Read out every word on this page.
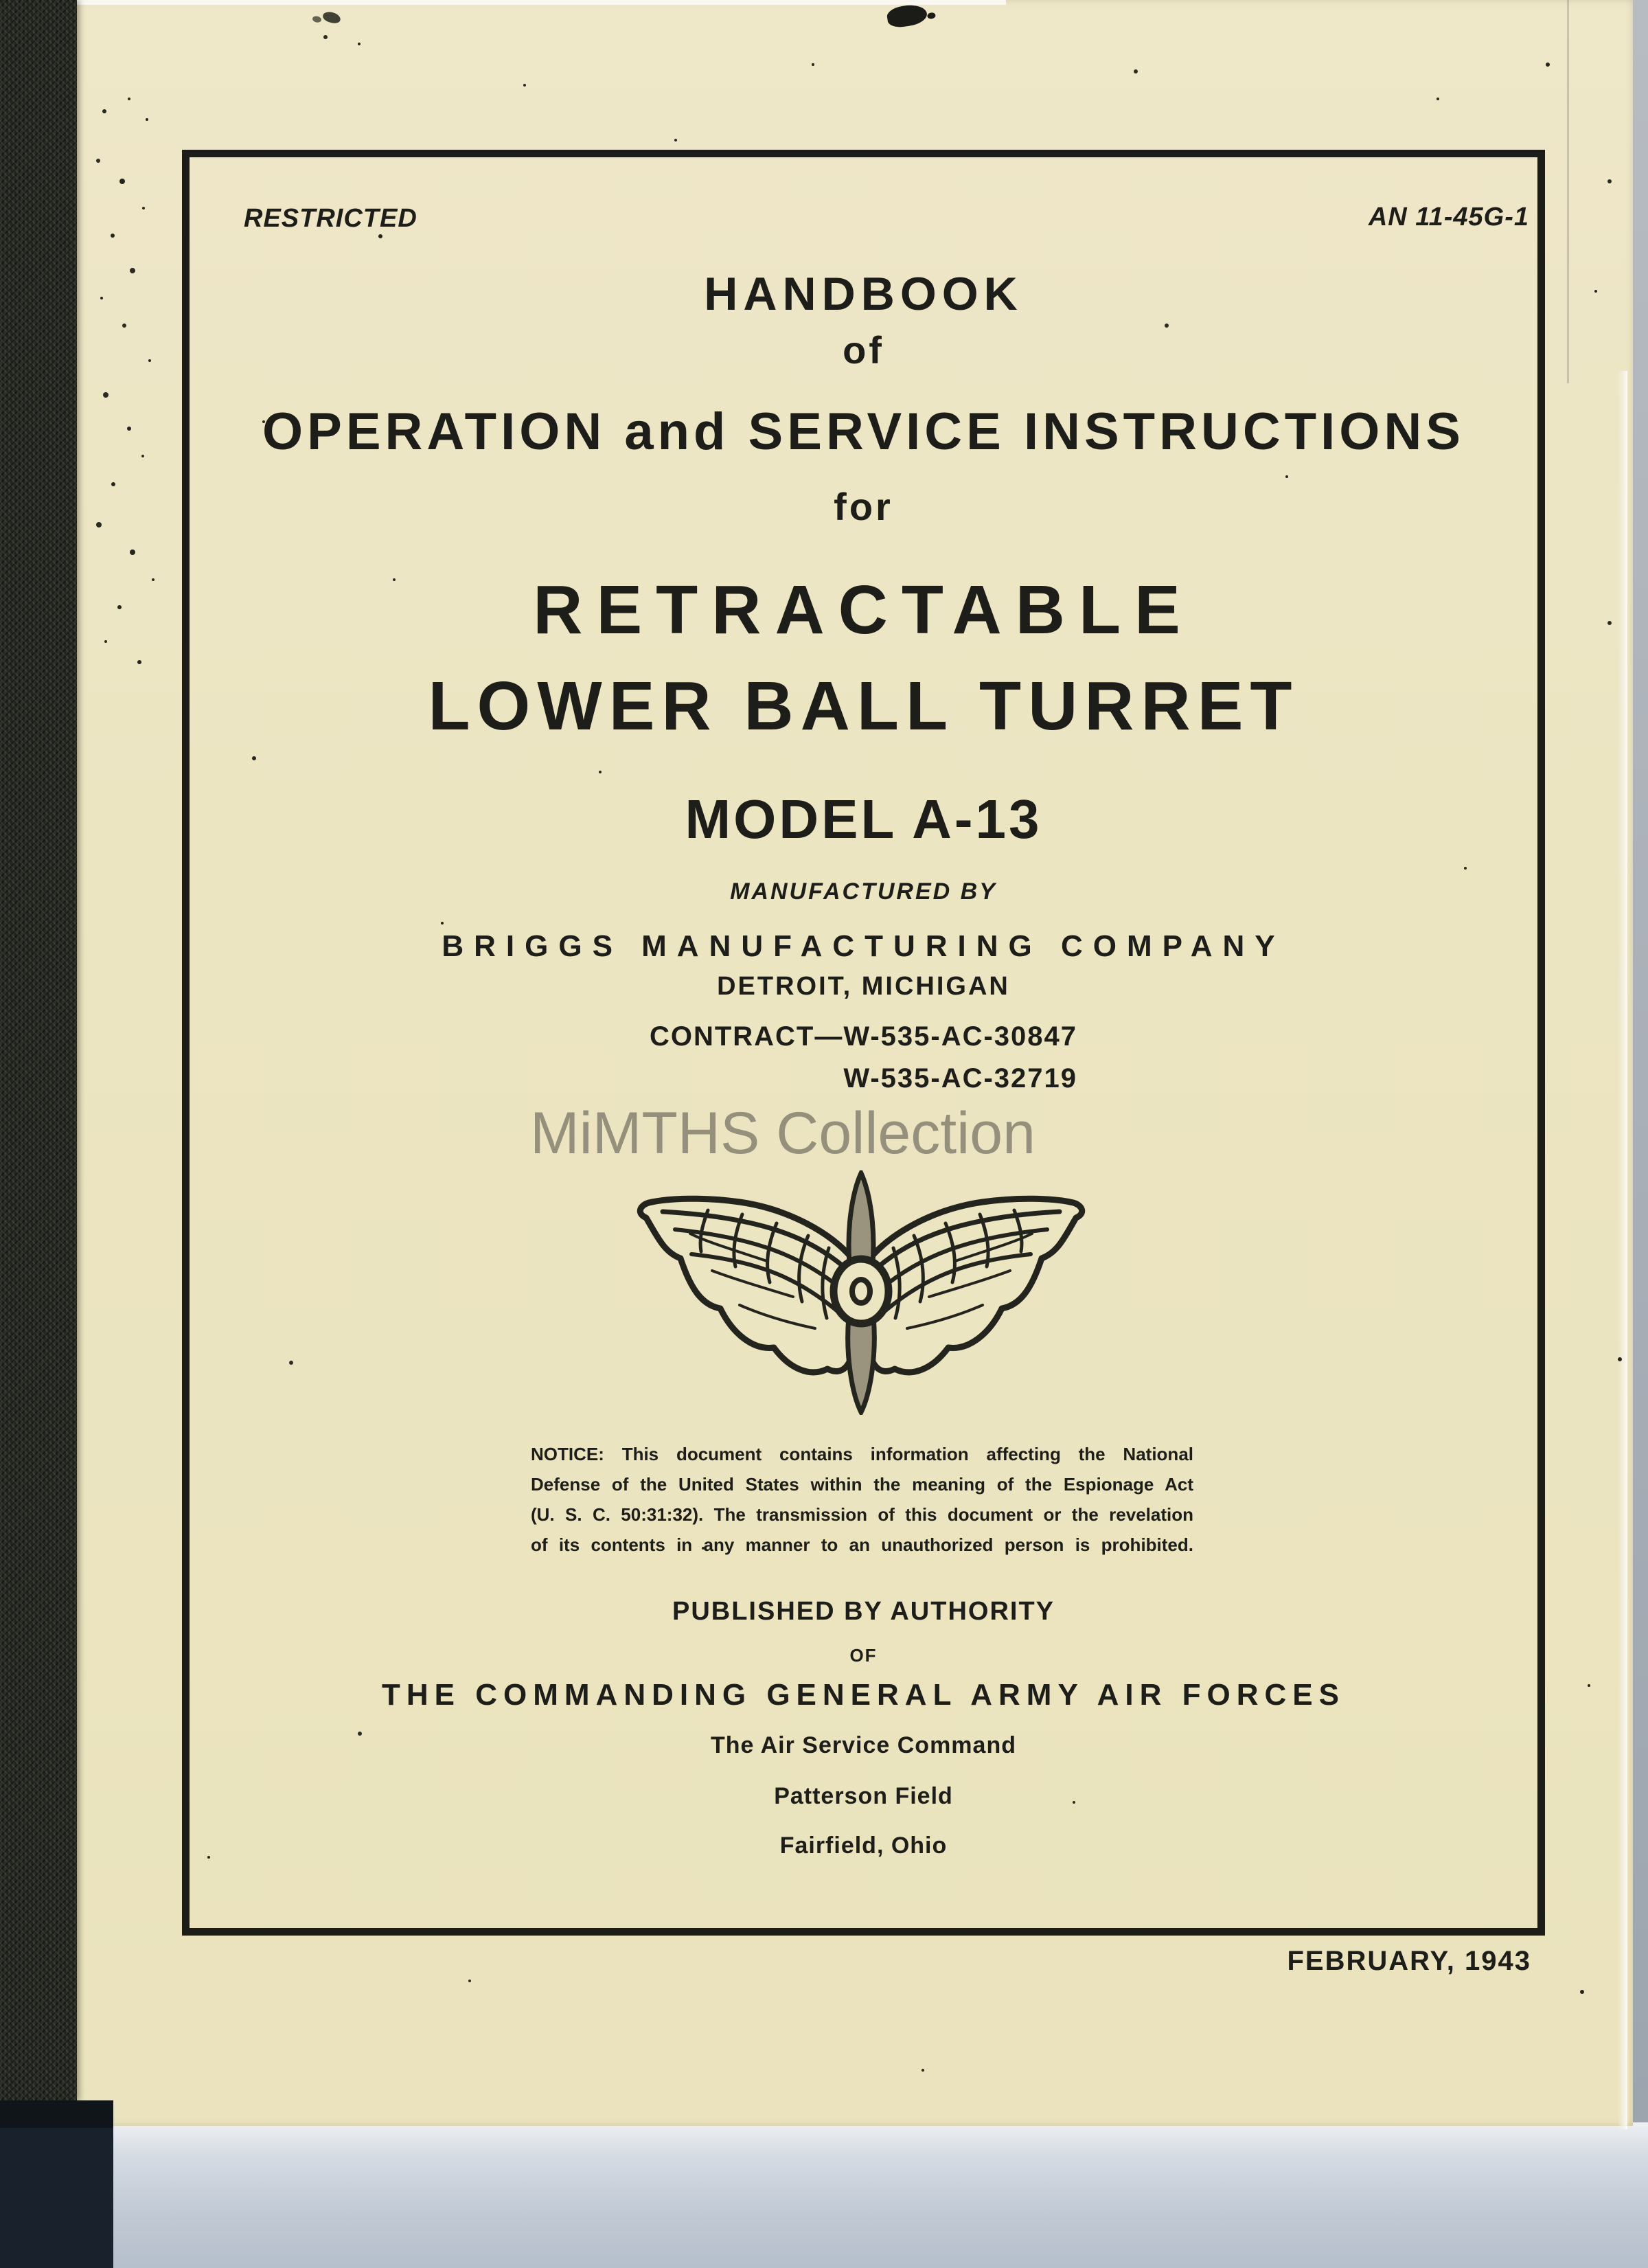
RESTRICTED	AN 11-45G-1
HANDBOOK
of
OPERATION and SERVICE INSTRUCTIONS
for
RETRACTABLE
LOWER BALL TURRET
MODEL A-13
MANUFACTURED BY
BRIGGS MANUFACTURING COMPANY
DETROIT, MICHIGAN
CONTRACT—W-535-AC-30847
W-535-AC-32719
MiMTHS Collection
NOTICE: This document contains information affecting the National
Defense of the United States within the meaning of the Espionage Act
(U. S. C. 50:31:32). The transmission of this document or the revelation
of its contents in any manner to an unauthorized person is prohibited.
PUBLISHED BY AUTHORITY
OF
THE COMMANDING GENERAL ARMY AIR FORCES
The Air Service Command
Patterson Field
Fairfield, Ohio
FEBRUARY, 1943
